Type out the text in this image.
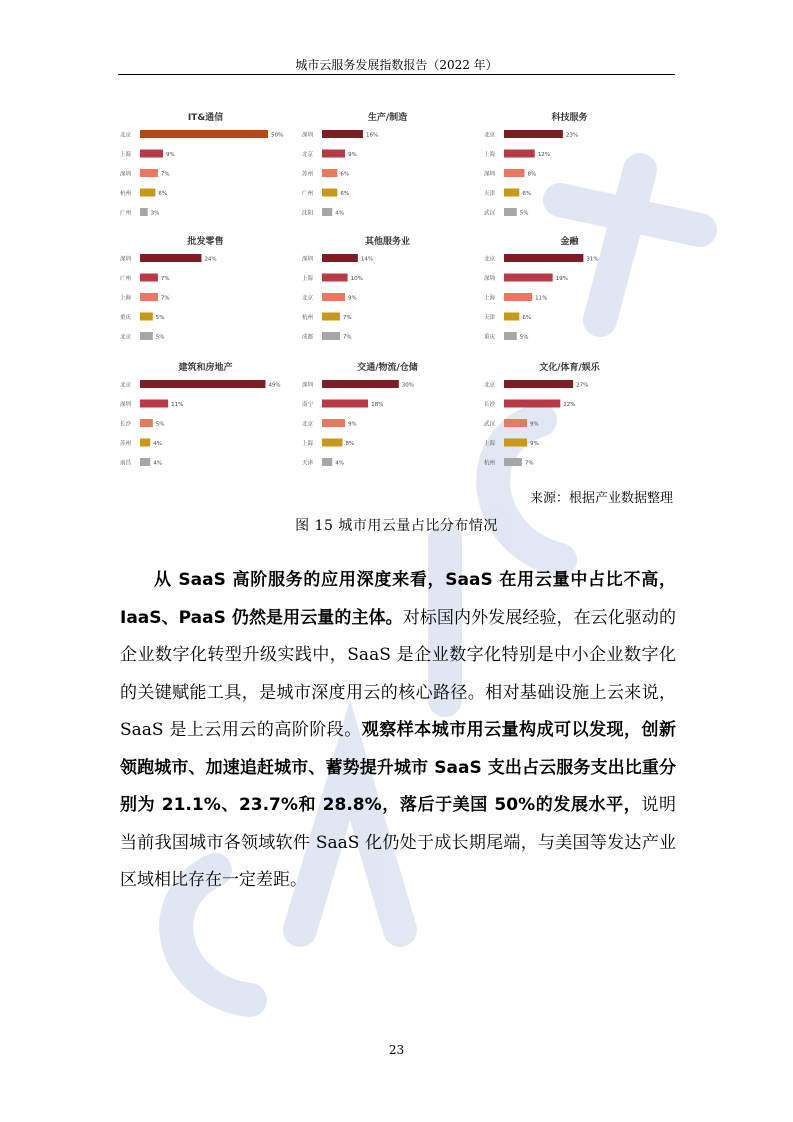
城市云服务发展指数报告（2022 年）
IT&通信
北京	50%
上海	9%
深圳	7%
杭州	6%
广州	3%
生产/制造
深圳	16%
北京	9%
苏州	6%
广州	6%
沈阳	4%
科技服务
北京	23%
上海	12%
深圳	8%
天津	6%
武汉	5%
批发零售
深圳	24%
广州	7%
上海	7%
重庆	5%
北京	5%
其他服务业
深圳	14%
上海	10%
北京	9%
杭州	7%
成都	7%
金融
北京	31%
深圳	19%
上海	11%
天津	6%
重庆	5%
建筑和房地产
北京	49%
深圳	11%
长沙	5%
苏州	4%
南昌	4%
交通/物流/仓储
深圳	30%
南宁	18%
北京	9%
上海	8%
天津	4%
文化/体育/娱乐
北京	27%
长沙	22%
武汉	9%
上海	9%
杭州	7%
来源：根据产业数据整理
图 15 城市用云量占比分布情况

从 SaaS 高阶服务的应用深度来看，SaaS 在用云量中占比不高，IaaS、PaaS 仍然是用云量的主体。对标国内外发展经验，在云化驱动的企业数字化转型升级实践中，SaaS 是企业数字化特别是中小企业数字化的关键赋能工具，是城市深度用云的核心路径。相对基础设施上云来说，SaaS 是上云用云的高阶阶段。观察样本城市用云量构成可以发现，创新领跑城市、加速追赶城市、蓄势提升城市 SaaS 支出占云服务支出比重分别为 21.1%、23.7%和 28.8%，落后于美国 50%的发展水平，说明当前我国城市各领域软件 SaaS 化仍处于成长期尾端，与美国等发达产业区域相比存在一定差距。

23
